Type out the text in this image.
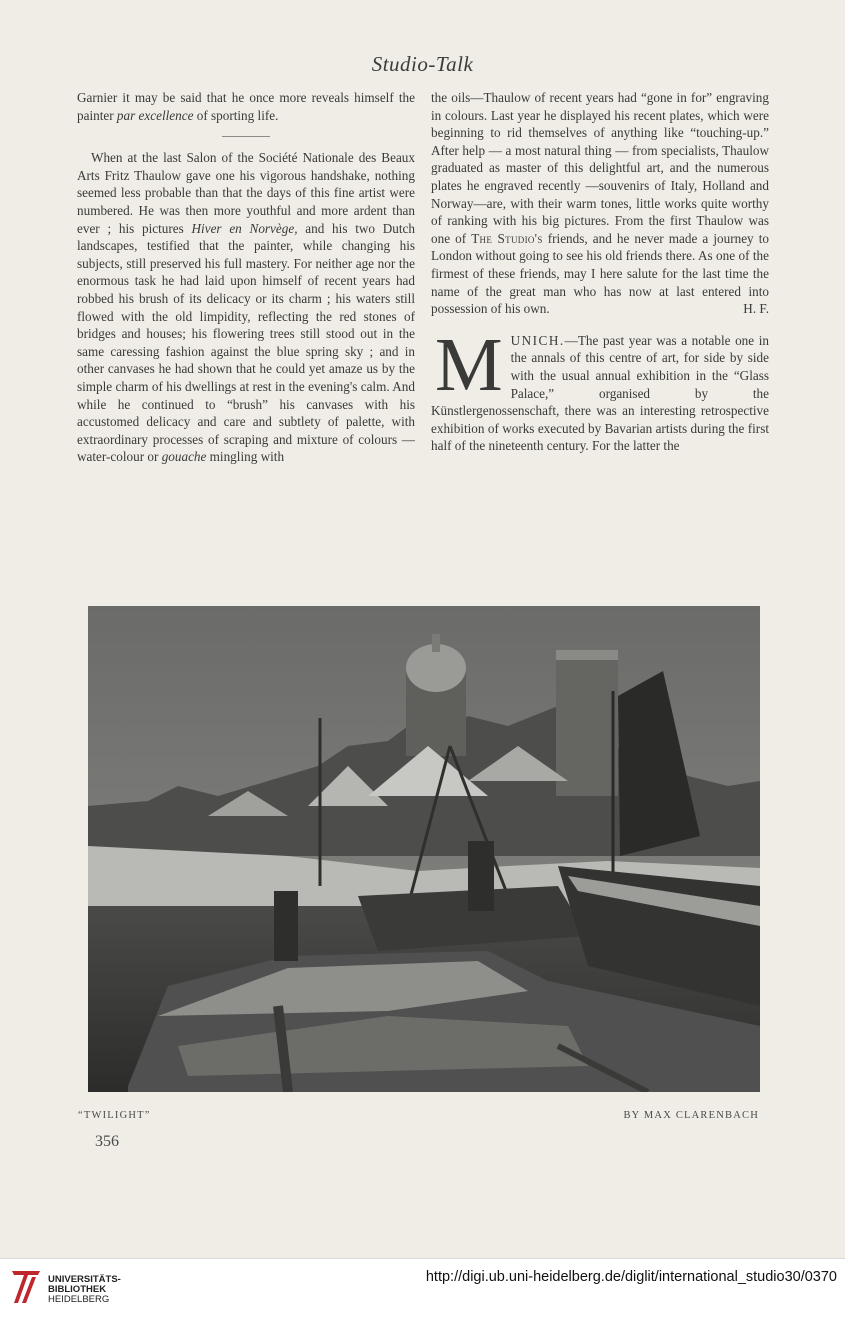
Studio-Talk

Garnier it may be said that he once more reveals himself the painter par excellence of sporting life.

When at the last Salon of the Société Nationale des Beaux Arts Fritz Thaulow gave one his vigorous handshake, nothing seemed less probable than that the days of this fine artist were numbered. He was then more youthful and more ardent than ever ; his pictures Hiver en Norvège, and his two Dutch landscapes, testified that the painter, while changing his subjects, still preserved his full mastery. For neither age nor the enormous task he had laid upon himself of recent years had robbed his brush of its delicacy or its charm ; his waters still flowed with the old limpidity, reflecting the red stones of bridges and houses; his flowering trees still stood out in the same caressing fashion against the blue spring sky ; and in other canvases he had shown that he could yet amaze us by the simple charm of his dwellings at rest in the evening's calm. And while he continued to “brush” his canvases with his accustomed delicacy and care and subtlety of palette, with extraordinary processes of scraping and mixture of colours — water-colour or gouache mingling with

the oils—Thaulow of recent years had “gone in for” engraving in colours. Last year he displayed his recent plates, which were beginning to rid themselves of anything like “touching-up.” After help — a most natural thing — from specialists, Thaulow graduated as master of this delightful art, and the numerous plates he engraved recently —souvenirs of Italy, Holland and Norway—are, with their warm tones, little works quite worthy of ranking with his big pictures. From the first Thaulow was one of The Studio's friends, and he never made a journey to London without going to see his old friends there. As one of the firmest of these friends, may I here salute for the last time the name of the great man who has now at last entered into possession of his own.	H. F.

MUNICH.—The past year was a notable one in the annals of this centre of art, for side by side with the usual annual exhibition in the “Glass Palace,” organised by the Künstlergenossenschaft, there was an interesting retrospective exhibition of works executed by Bavarian artists during the first half of the nineteenth century. For the latter the

“TWILIGHT”	BY MAX CLARENBACH
356
UNIVERSITÄTS-
BIBLIOTHEK
HEIDELBERG
http://digi.ub.uni-heidelberg.de/diglit/international_studio30/0370
